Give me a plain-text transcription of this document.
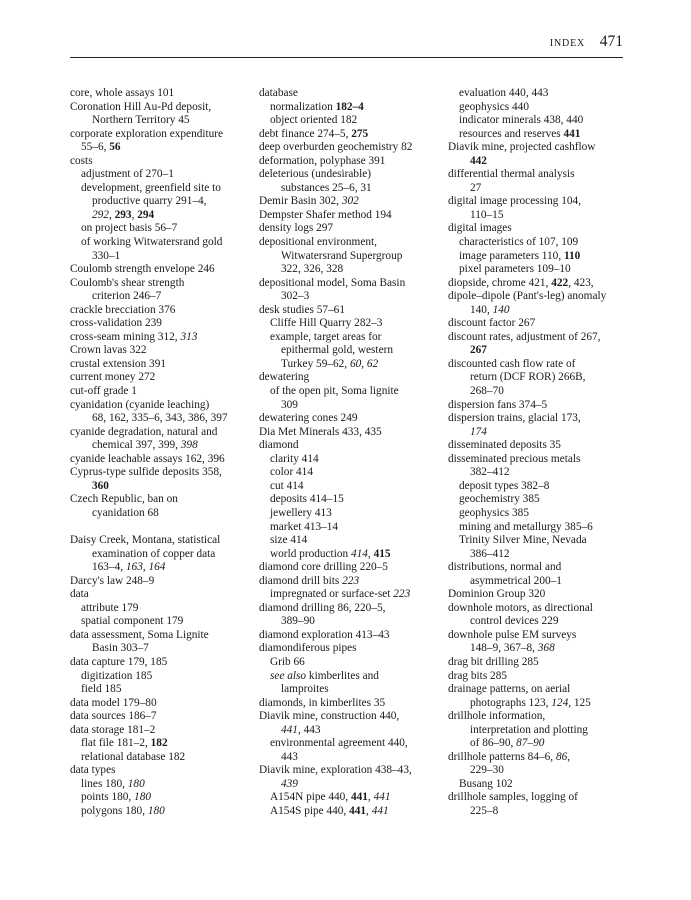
INDEX 471
core, whole assays 101
Coronation Hill Au-Pd deposit,
Northern Territory 45
corporate exploration expenditure
55–6, 56
costs
adjustment of 270–1
development, greenfield site to
productive quarry 291–4,
292, 293, 294
on project basis 56–7
of working Witwatersrand gold
330–1
Coulomb strength envelope 246
Coulomb's shear strength
criterion 246–7
crackle brecciation 376
cross-validation 239
cross-seam mining 312, 313
Crown lavas 322
crustal extension 391
current money 272
cut-off grade 1
cyanidation (cyanide leaching)
68, 162, 335–6, 343, 386, 397
cyanide degradation, natural and
chemical 397, 399, 398
cyanide leachable assays 162, 396
Cyprus-type sulfide deposits 358,
360
Czech Republic, ban on
cyanidation 68
Daisy Creek, Montana, statistical
examination of copper data
163–4, 163, 164
Darcy's law 248–9
data
attribute 179
spatial component 179
data assessment, Soma Lignite
Basin 303–7
data capture 179, 185
digitization 185
field 185
data model 179–80
data sources 186–7
data storage 181–2
flat file 181–2, 182
relational database 182
data types
lines 180, 180
points 180, 180
polygons 180, 180
database
normalization 182–4
object oriented 182
debt finance 274–5, 275
deep overburden geochemistry 82
deformation, polyphase 391
deleterious (undesirable)
substances 25–6, 31
Demir Basin 302, 302
Dempster Shafer method 194
density logs 297
depositional environment,
Witwatersrand Supergroup
322, 326, 328
depositional model, Soma Basin
302–3
desk studies 57–61
Cliffe Hill Quarry 282–3
example, target areas for
epithermal gold, western
Turkey 59–62, 60, 62
dewatering
of the open pit, Soma lignite
309
dewatering cones 249
Dia Met Minerals 433, 435
diamond
clarity 414
color 414
cut 414
deposits 414–15
jewellery 413
market 413–14
size 414
world production 414, 415
diamond core drilling 220–5
diamond drill bits 223
impregnated or surface-set 223
diamond drilling 86, 220–5,
389–90
diamond exploration 413–43
diamondiferous pipes
Grib 66
see also kimberlites and
lamproites
diamonds, in kimberlites 35
Diavik mine, construction 440,
441, 443
environmental agreement 440,
443
Diavik mine, exploration 438–43,
439
A154N pipe 440, 441, 441
A154S pipe 440, 441, 441
evaluation 440, 443
geophysics 440
indicator minerals 438, 440
resources and reserves 441
Diavik mine, projected cashflow
442
differential thermal analysis
27
digital image processing 104,
110–15
digital images
characteristics of 107, 109
image parameters 110, 110
pixel parameters 109–10
diopside, chrome 421, 422, 423,
dipole–dipole (Pant's-leg) anomaly
140, 140
discount factor 267
discount rates, adjustment of 267,
267
discounted cash flow rate of
return (DCF ROR) 266B,
268–70
dispersion fans 374–5
dispersion trains, glacial 173,
174
disseminated deposits 35
disseminated precious metals
382–412
deposit types 382–8
geochemistry 385
geophysics 385
mining and metallurgy 385–6
Trinity Silver Mine, Nevada
386–412
distributions, normal and
asymmetrical 200–1
Dominion Group 320
downhole motors, as directional
control devices 229
downhole pulse EM surveys
148–9, 367–8, 368
drag bit drilling 285
drag bits 285
drainage patterns, on aerial
photographs 123, 124, 125
drillhole information,
interpretation and plotting
of 86–90, 87–90
drillhole patterns 84–6, 86,
229–30
Busang 102
drillhole samples, logging of
225–8
